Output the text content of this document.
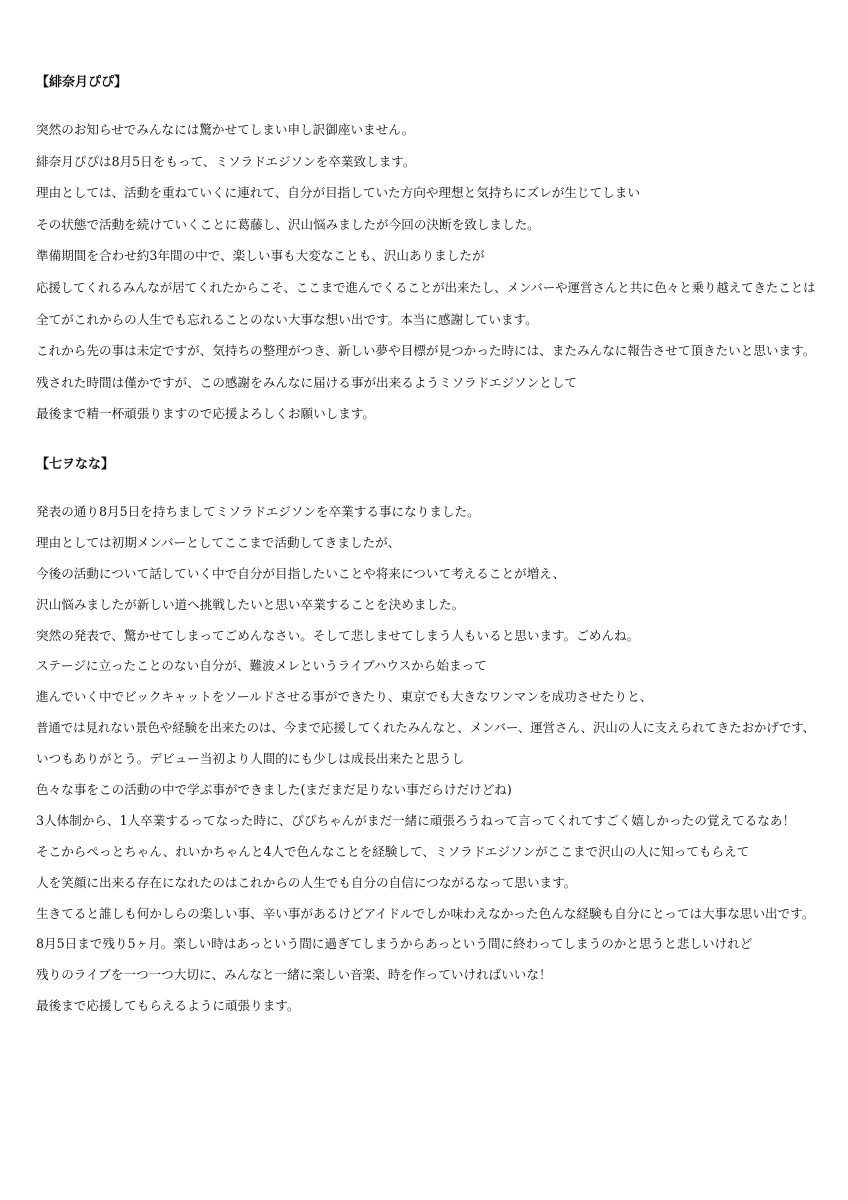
【緋奈月ぴぴ】
突然のお知らせでみんなには驚かせてしまい申し訳御座いません。
緋奈月ぴぴは8月5日をもって、ミソラドエジソンを卒業致します。
理由としては、活動を重ねていくに連れて、自分が目指していた方向や理想と気持ちにズレが生じてしまい
その状態で活動を続けていくことに葛藤し、沢山悩みましたが今回の決断を致しました。
準備期間を合わせ約3年間の中で、楽しい事も大変なことも、沢山ありましたが
応援してくれるみんなが居てくれたからこそ、ここまで進んでくることが出来たし、メンバーや運営さんと共に色々と乗り越えてきたことは
全てがこれからの人生でも忘れることのない大事な想い出です。本当に感謝しています。
これから先の事は未定ですが、気持ちの整理がつき、新しい夢や目標が見つかった時には、またみんなに報告させて頂きたいと思います。
残された時間は僅かですが、この感謝をみんなに届ける事が出来るようミソラドエジソンとして
最後まで精一杯頑張りますので応援よろしくお願いします。
【七ヲなな】
発表の通り8月5日を持ちましてミソラドエジソンを卒業する事になりました。
理由としては初期メンバーとしてここまで活動してきましたが、
今後の活動について話していく中で自分が目指したいことや将来について考えることが増え、
沢山悩みましたが新しい道へ挑戦したいと思い卒業することを決めました。
突然の発表で、驚かせてしまってごめんなさい。そして悲しませてしまう人もいると思います。ごめんね。
ステージに立ったことのない自分が、難波メレというライブハウスから始まって
進んでいく中でビックキャットをソールドさせる事ができたり、東京でも大きなワンマンを成功させたりと、
普通では見れない景色や経験を出来たのは、今まで応援してくれたみんなと、メンバー、運営さん、沢山の人に支えられてきたおかげです、
いつもありがとう。デビュー当初より人間的にも少しは成長出来たと思うし
色々な事をこの活動の中で学ぶ事ができました(まだまだ足りない事だらけだけどね)
3人体制から、1人卒業するってなった時に、ぴぴちゃんがまだ一緒に頑張ろうねって言ってくれてすごく嬉しかったの覚えてるなあ！
そこからぺっとちゃん、れいかちゃんと4人で色んなことを経験して、ミソラドエジソンがここまで沢山の人に知ってもらえて
人を笑顔に出来る存在になれたのはこれからの人生でも自分の自信につながるなって思います。
生きてると誰しも何かしらの楽しい事、辛い事があるけどアイドルでしか味わえなかった色んな経験も自分にとっては大事な思い出です。
8月5日まで残り5ヶ月。楽しい時はあっという間に過ぎてしまうからあっという間に終わってしまうのかと思うと悲しいけれど
残りのライブを一つ一つ大切に、みんなと一緒に楽しい音楽、時を作っていければいいな！
最後まで応援してもらえるように頑張ります。
